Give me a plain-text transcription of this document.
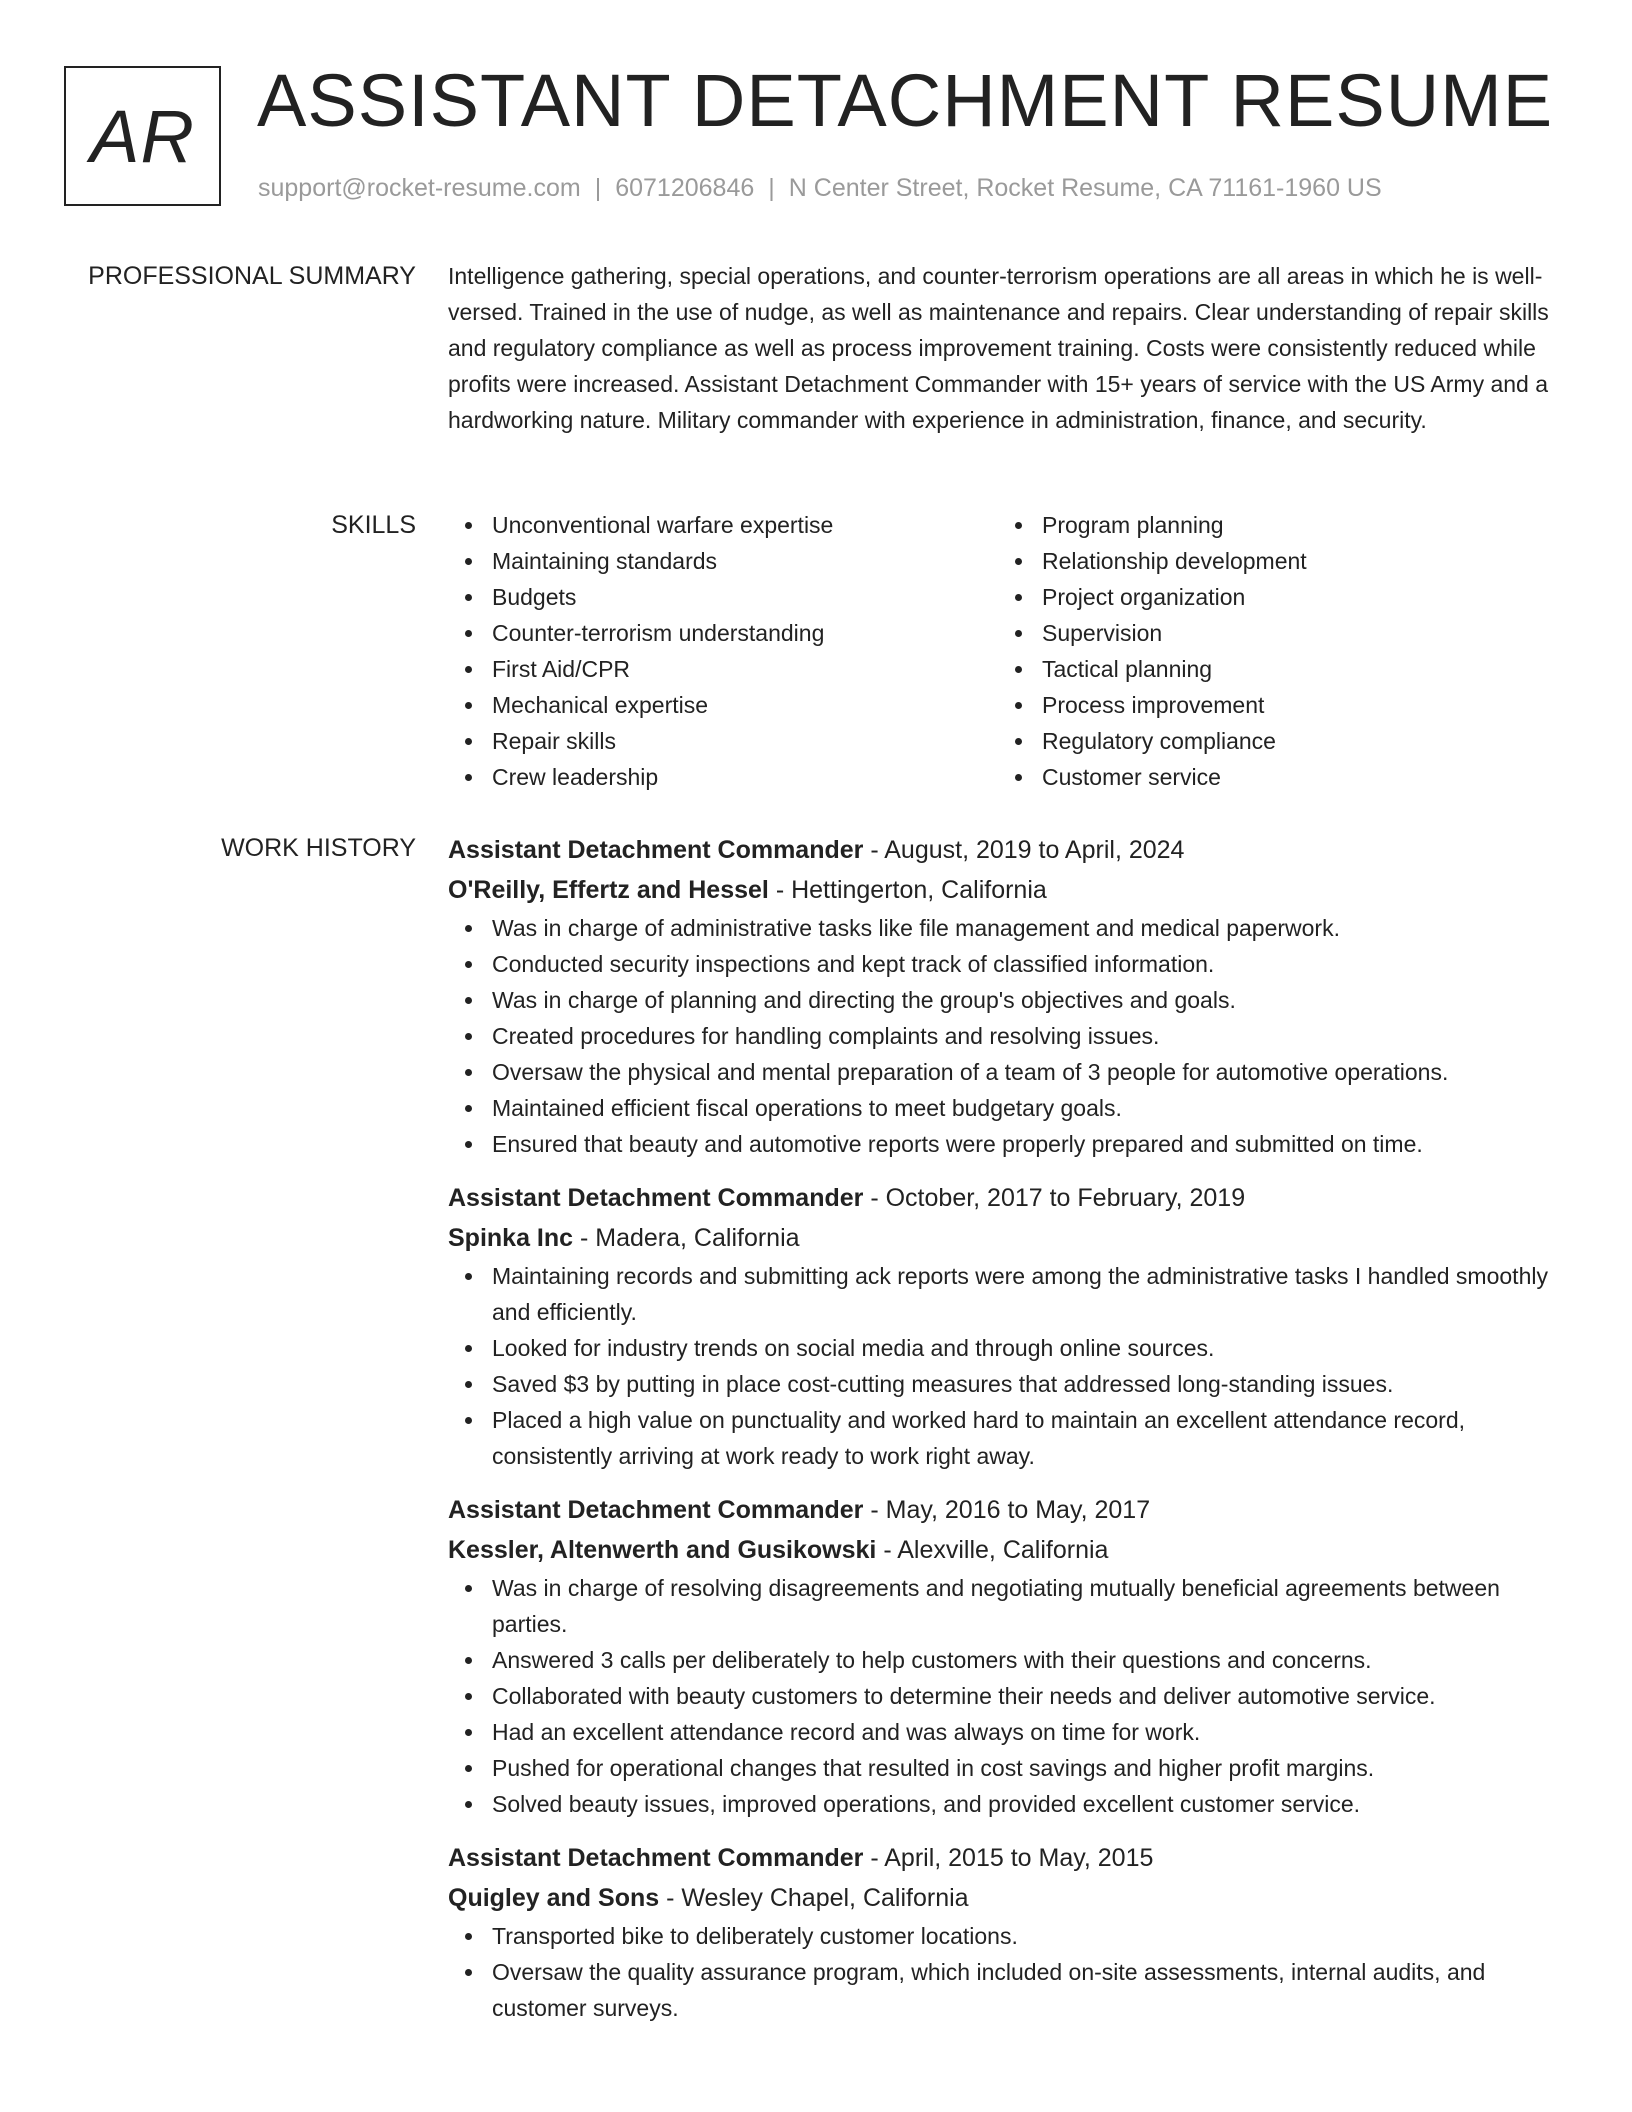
AR ASSISTANT DETACHMENT RESUME
support@rocket-resume.com | 6071206846 | N Center Street, Rocket Resume, CA 71161-1960 US
PROFESSIONAL SUMMARY Intelligence gathering, special operations, and counter-terrorism operations are all areas in which he is well-versed. Trained in the use of nudge, as well as maintenance and repairs. Clear understanding of repair skills and regulatory compliance as well as process improvement training. Costs were consistently reduced while profits were increased. Assistant Detachment Commander with 15+ years of service with the US Army and a hardworking nature. Military commander with experience in administration, finance, and security.

SKILLS	Unconventional warfare expertise
Maintaining standards
Budgets
Counter-terrorism understanding
First Aid/CPR
Mechanical expertise
Repair skills
Crew leadership
Program planning
Relationship development
Project organization
Supervision
Tactical planning
Process improvement
Regulatory compliance
Customer service
WORK HISTORY Assistant Detachment Commander - August, 2019 to April, 2024
O'Reilly, Effertz and Hessel - Hettingerton, California
Was in charge of administrative tasks like file management and medical paperwork.
Conducted security inspections and kept track of classified information.
Was in charge of planning and directing the group's objectives and goals.
Created procedures for handling complaints and resolving issues.
Oversaw the physical and mental preparation of a team of 3 people for automotive operations.
Maintained efficient fiscal operations to meet budgetary goals.
Ensured that beauty and automotive reports were properly prepared and submitted on time.
Assistant Detachment Commander - October, 2017 to February, 2019
Spinka Inc - Madera, California
Maintaining records and submitting ack reports were among the administrative tasks I handled smoothly and efficiently.
Looked for industry trends on social media and through online sources.
Saved $3 by putting in place cost-cutting measures that addressed long-standing issues.
Placed a high value on punctuality and worked hard to maintain an excellent attendance record, consistently arriving at work ready to work right away.
Assistant Detachment Commander - May, 2016 to May, 2017
Kessler, Altenwerth and Gusikowski - Alexville, California
Was in charge of resolving disagreements and negotiating mutually beneficial agreements between parties.
Answered 3 calls per deliberately to help customers with their questions and concerns.
Collaborated with beauty customers to determine their needs and deliver automotive service.
Had an excellent attendance record and was always on time for work.
Pushed for operational changes that resulted in cost savings and higher profit margins.
Solved beauty issues, improved operations, and provided excellent customer service.
Assistant Detachment Commander - April, 2015 to May, 2015
Quigley and Sons - Wesley Chapel, California
Transported bike to deliberately customer locations.
Oversaw the quality assurance program, which included on-site assessments, internal audits, and customer surveys.
